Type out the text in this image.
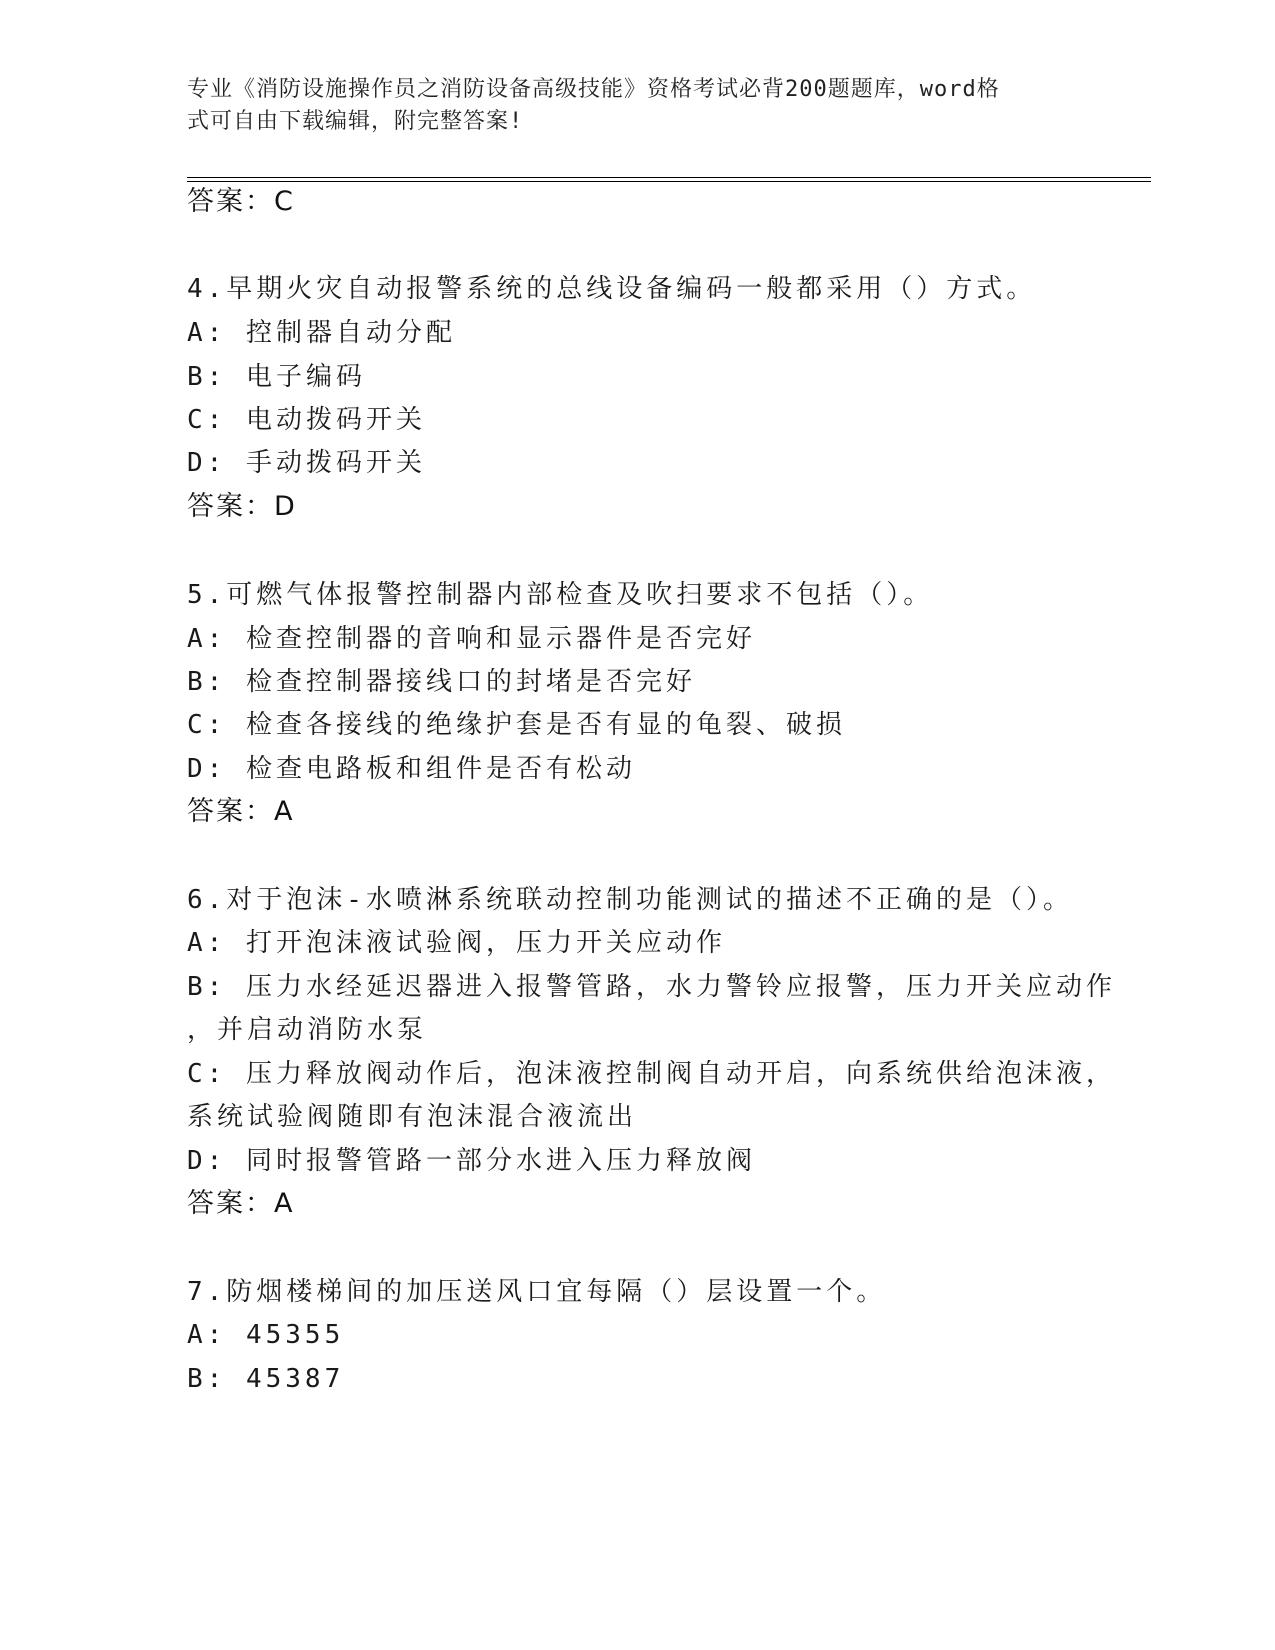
专业《消防设施操作员之消防设备高级技能》资格考试必背200题题库，word格
式可自由下载编辑，附完整答案!
答案：C
4.早期火灾自动报警系统的总线设备编码一般都采用（）方式。
A: 控制器自动分配
B: 电子编码
C: 电动拨码开关
D: 手动拨码开关
答案：D
5.可燃气体报警控制器内部检查及吹扫要求不包括（）。
A: 检查控制器的音响和显示器件是否完好
B: 检查控制器接线口的封堵是否完好
C: 检查各接线的绝缘护套是否有显的龟裂、破损
D: 检查电路板和组件是否有松动
答案：A
6.对于泡沫-水喷淋系统联动控制功能测试的描述不正确的是（）。
A: 打开泡沫液试验阀，压力开关应动作
B: 压力水经延迟器进入报警管路，水力警铃应报警，压力开关应动作
，并启动消防水泵
C: 压力释放阀动作后，泡沫液控制阀自动开启，向系统供给泡沫液，
系统试验阀随即有泡沫混合液流出
D: 同时报警管路一部分水进入压力释放阀
答案：A
7.防烟楼梯间的加压送风口宜每隔（）层设置一个。
A: 45355
B: 45387
